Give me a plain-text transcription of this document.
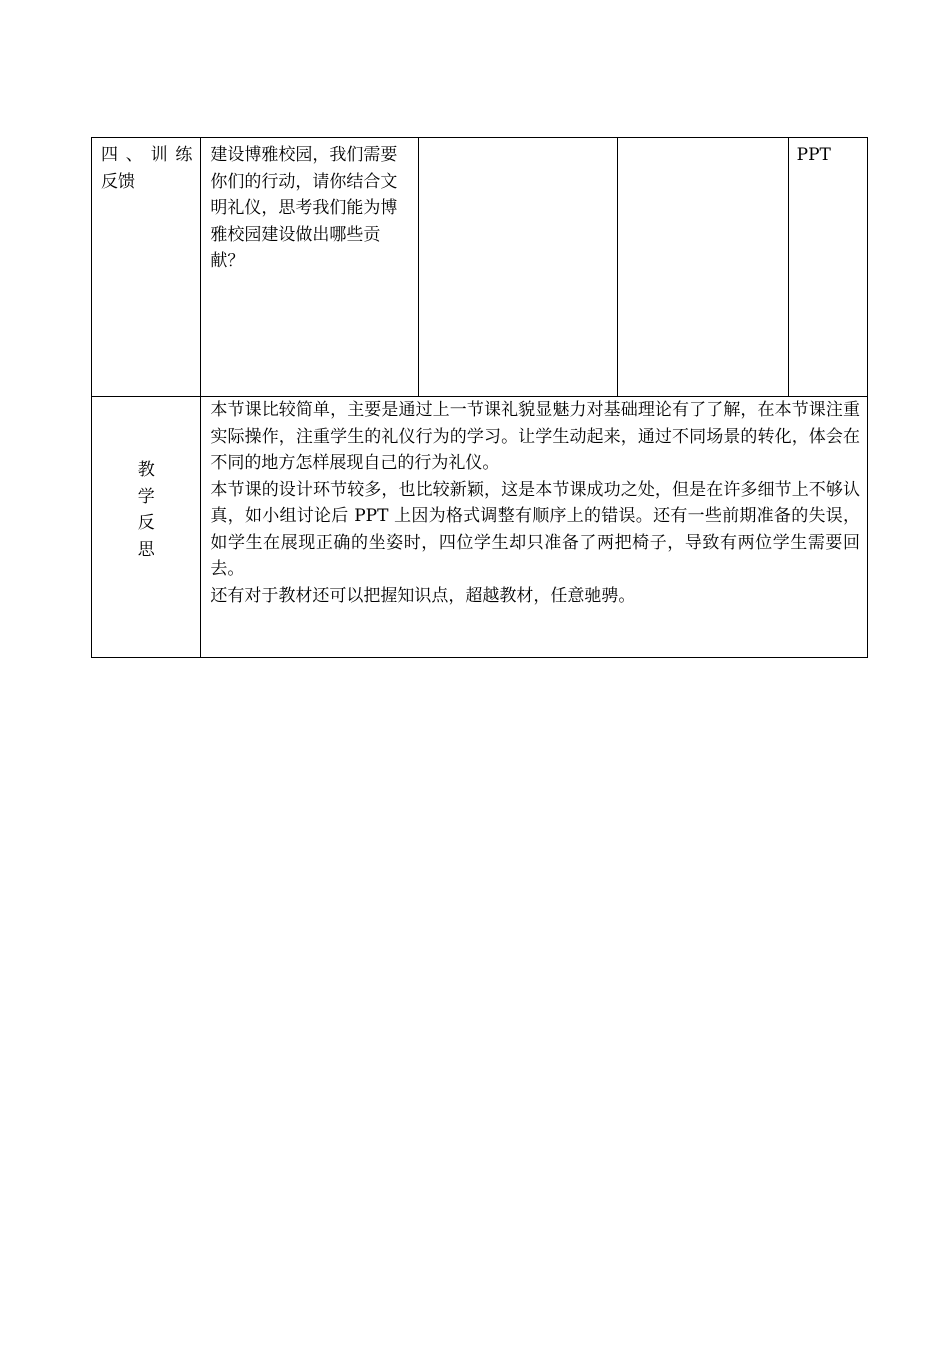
四 、 训 练
反馈	建设博雅校园，我们需要你们的行动，请你结合文明礼仪，思考我们能为博雅校园建设做出哪些贡献？			PPT

教学反思	本节课比较简单，主要是通过上一节课礼貌显魅力对基础理论有了了解，在本节课注重实际操作，注重学生的礼仪行为的学习。让学生动起来，通过不同场景的转化，体会在不同的地方怎样展现自己的行为礼仪。

本节课的设计环节较多，也比较新颖，这是本节课成功之处，但是在许多细节上不够认真，如小组讨论后 PPT 上因为格式调整有顺序上的错误。还有一些前期准备的失误，如学生在展现正确的坐姿时，四位学生却只准备了两把椅子，导致有两位学生需要回去。

还有对于教材还可以把握知识点，超越教材，任意驰骋。			
